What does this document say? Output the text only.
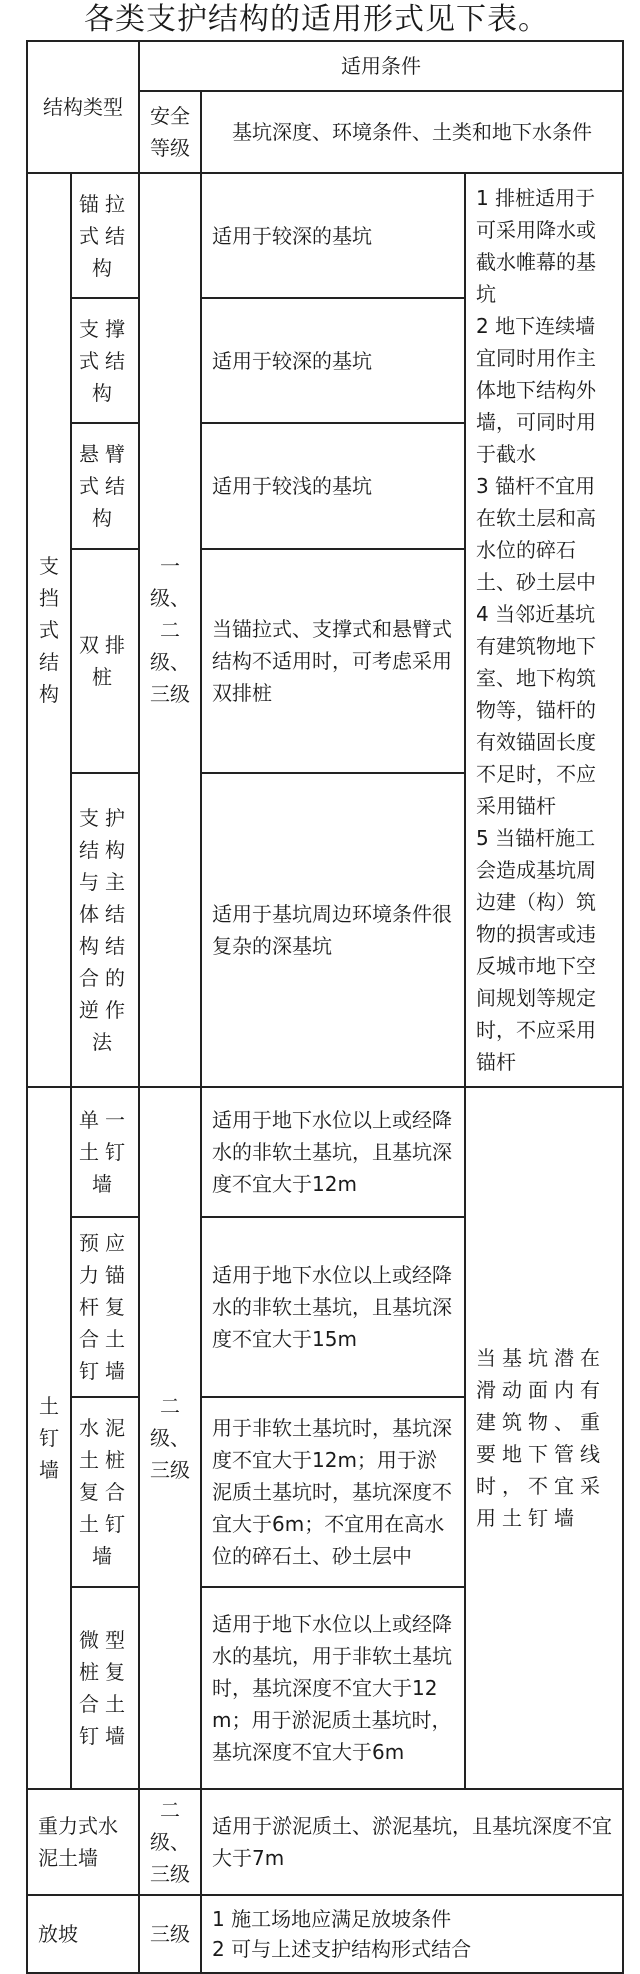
各类支护结构的适用形式见下表。
结构类型		适用条件		
		安全等级	基坑深度、环境条件、土类和地下水条件	
支挡式结构	锚拉式结构	一级、二级、三级	适用于较深的基坑	1 排桩适用于可采用降水或截水帷幕的基坑
2 地下连续墙宜同时用作主体地下结构外墙，可同时用于截水
3 锚杆不宜用在软土层和高水位的碎石土、砂土层中
4 当邻近基坑有建筑物地下室、地下构筑物等，锚杆的有效锚固长度不足时，不应采用锚杆
5 当锚杆施工会造成基坑周边建（构）筑物的损害或违反城市地下空间规划等规定时，不应采用锚杆

	支撑式结构		适用于较深的基坑	
	悬臂式结构		适用于较浅的基坑	
	双排桩		当锚拉式、支撑式和悬臂式结构不适用时，可考虑采用双排桩	
	支护结构与主体结构结合的逆作法		适用于基坑周边环境条件很复杂的深基坑	
土钉墙	单一土钉墙	二级、三级	适用于地下水位以上或经降水的非软土基坑，且基坑深度不宜大于12m	当基坑潜在滑动面内有建筑物、重要地下管线时，不宜采用土钉墙
	预应力锚杆复合土钉墙		适用于地下水位以上或经降水的非软土基坑，且基坑深度不宜大于15m	
	水泥土桩复合土钉墙		用于非软土基坑时，基坑深度不宜大于12m；用于淤泥质土基坑时，基坑深度不宜大于6m；不宜用在高水位的碎石土、砂土层中	
	微型桩复合土钉墙		适用于地下水位以上或经降水的基坑，用于非软土基坑时，基坑深度不宜大于12m；用于淤泥质土基坑时，基坑深度不宜大于6m	
重力式水泥土墙		二级、三级	适用于淤泥质土、淤泥基坑，且基坑深度不宜大于7m	
放坡		三级	1 施工场地应满足放坡条件
2 可与上述支护结构形式结合	
